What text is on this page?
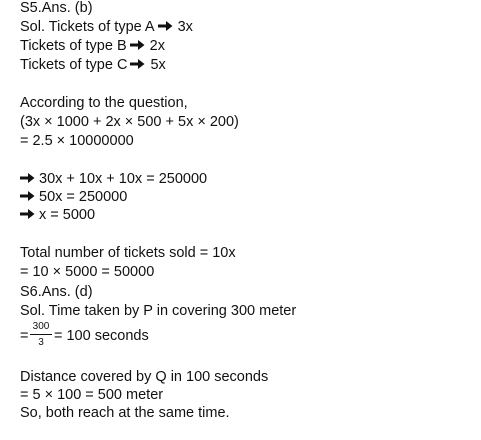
S5.Ans. (b)
Sol. Tickets of type A 3x
Tickets of type B 2x
Tickets of type C 5x
According to the question,
(3x × 1000 + 2x × 500 + 5x × 200)
= 2.5 × 10000000
30x + 10x + 10x = 250000
50x = 250000
x = 5000
Total number of tickets sold = 10x
= 10 × 5000 = 50000
S6.Ans. (d)
Sol. Time taken by P in covering 300 meter
= $\frac{300}{3} = 100$ seconds
Distance covered by Q in 100 seconds
= 5 × 100 = 500 meter
So, both reach at the same time.
